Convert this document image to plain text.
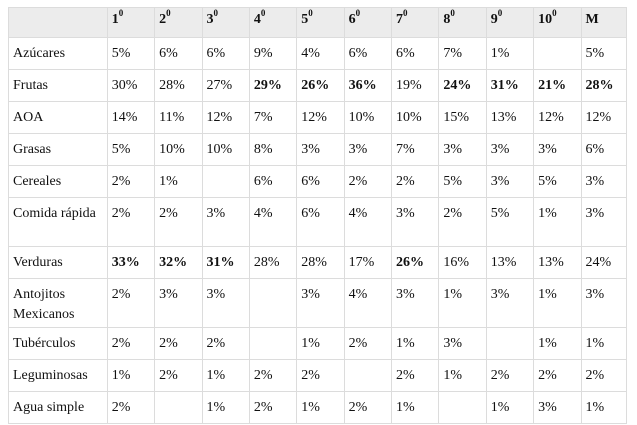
	$1^0$	$2^0$	$3^0$	$4^0$	$5^0$	$6^0$	$7^0$	$8^0$	$9^0$	$10^0$	M
Azúcares	5%	6%	6%	9%	4%	6%	6%	7%	1%		5%
Frutas	30%	28%	27%	29%	26%	36%	19%	24%	31%	21%	28%
AOA	14%	11%	12%	7%	12%	10%	10%	15%	13%	12%	12%
Grasas	5%	10%	10%	8%	3%	3%	7%	3%	3%	3%	6%
Cereales	2%	1%		6%	6%	2%	2%	5%	3%	5%	3%
Comida rápida	2%	2%	3%	4%	6%	4%	3%	2%	5%	1%	3%
Verduras	33%	32%	31%	28%	28%	17%	26%	16%	13%	13%	24%
Antojitos Mexicanos	2%	3%	3%		3%	4%	3%	1%	3%	1%	3%
Tubérculos	2%	2%	2%		1%	2%	1%	3%		1%	1%
Leguminosas	1%	2%	1%	2%	2%		2%	1%	2%	2%	2%
Agua simple	2%		1%	2%	1%	2%	1%		1%	3%	1%
